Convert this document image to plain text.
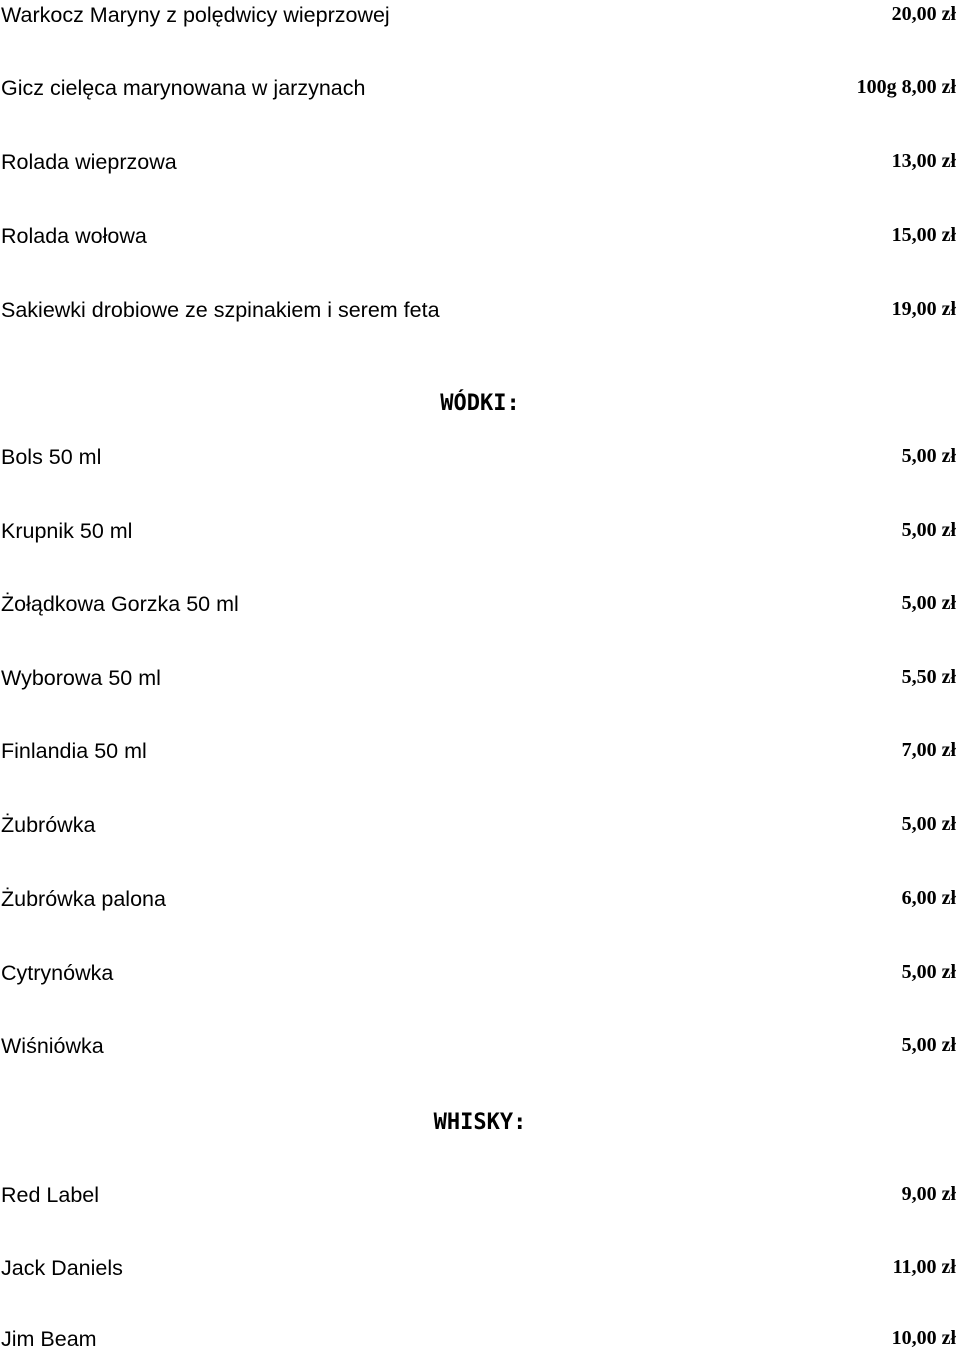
Warkocz Maryny z polędwicy wieprzowej	20,00 zł
Gicz cielęca marynowana w jarzynach	100g 8,00 zł
Rolada wieprzowa	13,00 zł
Rolada wołowa	15,00 zł
Sakiewki drobiowe ze szpinakiem i serem feta	19,00 zł
WÓDKI:
Bols 50 ml	5,00 zł
Krupnik 50 ml	5,00 zł
Żołądkowa Gorzka 50 ml	5,00 zł
Wyborowa 50 ml	5,50 zł
Finlandia 50 ml	7,00 zł
Żubrówka	5,00 zł
Żubrówka palona	6,00 zł
Cytrynówka	5,00 zł
Wiśniówka	5,00 zł
WHISKY:
Red Label	9,00 zł
Jack Daniels	11,00 zł
Jim Beam	10,00 zł
